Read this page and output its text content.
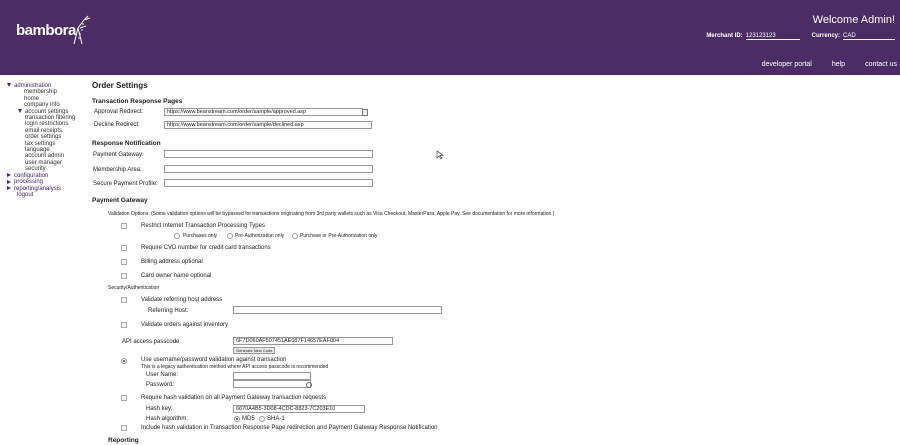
bambora
Welcome Admin!
Merchant ID: 123123123	Currency: CAD
developer portal	help	contact us
administration
membership
home
company info
account settings
transaction filtering
login restrictions
email receipts
order settings
tax settings
language
account admin
user manager
security
configuration
processing
reporting/analysis
logout
Order Settings
Transaction Response Pages
Approval Redirect:	https://www.beanstream.com/order/sample/approved.asp
Decline Redirect:	https://www.beanstream.com/order/sample/declined.asp
Response Notification
Payment Gateway:
Membership Area:
Secure Payment Profile:
Payment Gateway
Validation Options: (Some validation options will be bypassed for transactions originating from 3rd party wallets such as Visa Checkout, MasterPass, Apple Pay. See documentation for more information.)
Restrict Internet Transaction Processing Types
Purchases only	Pre-Authorization only	Purchase or Pre-Authorization only
Require CVD number for credit card transactions
Billing address optional
Card owner name optional
Security/Authentication
Validate referring host address
Referring Host:
Validate orders against inventory
API access passcode	6F7D060AF507451AE087F14657EAF004
Generate New Code
Use username/password validation against transaction
This is a legacy authentication method where API access passcode is recommended
User Name:
Password:
Require hash validation on all Payment Gateway transaction requests
Hash key:	6670A4B5-3D08-4CDC-8823-7C203E10
Hash algorithm:	MD5 SHA-1
Include hash validation in Transaction Response Page redirection and Payment Gateway Response Notification
Reporting
